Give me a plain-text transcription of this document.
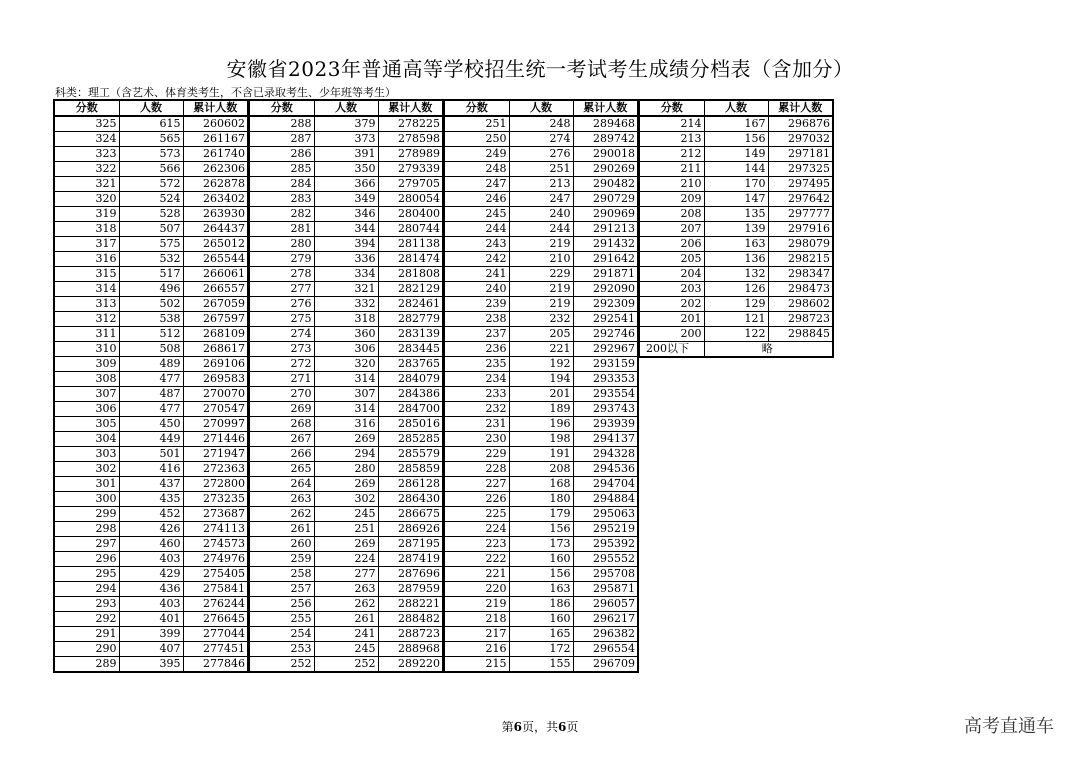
安徽省2023年普通高等学校招生统一考试考生成绩分档表（含加分）
科类：理工（含艺术、体育类考生，不含已录取考生、少年班等考生）
分数	人数	累计人数
325	615	260602
324	565	261167
323	573	261740
322	566	262306
321	572	262878
320	524	263402
319	528	263930
318	507	264437
317	575	265012
316	532	265544
315	517	266061
314	496	266557
313	502	267059
312	538	267597
311	512	268109
310	508	268617
309	489	269106
308	477	269583
307	487	270070
306	477	270547
305	450	270997
304	449	271446
303	501	271947
302	416	272363
301	437	272800
300	435	273235
299	452	273687
298	426	274113
297	460	274573
296	403	274976
295	429	275405
294	436	275841
293	403	276244
292	401	276645
291	399	277044
290	407	277451
289	395	277846
分数	人数	累计人数
288	379	278225
287	373	278598
286	391	278989
285	350	279339
284	366	279705
283	349	280054
282	346	280400
281	344	280744
280	394	281138
279	336	281474
278	334	281808
277	321	282129
276	332	282461
275	318	282779
274	360	283139
273	306	283445
272	320	283765
271	314	284079
270	307	284386
269	314	284700
268	316	285016
267	269	285285
266	294	285579
265	280	285859
264	269	286128
263	302	286430
262	245	286675
261	251	286926
260	269	287195
259	224	287419
258	277	287696
257	263	287959
256	262	288221
255	261	288482
254	241	288723
253	245	288968
252	252	289220
分数	人数	累计人数
251	248	289468
250	274	289742
249	276	290018
248	251	290269
247	213	290482
246	247	290729
245	240	290969
244	244	291213
243	219	291432
242	210	291642
241	229	291871
240	219	292090
239	219	292309
238	232	292541
237	205	292746
236	221	292967
235	192	293159
234	194	293353
233	201	293554
232	189	293743
231	196	293939
230	198	294137
229	191	294328
228	208	294536
227	168	294704
226	180	294884
225	179	295063
224	156	295219
223	173	295392
222	160	295552
221	156	295708
220	163	295871
219	186	296057
218	160	296217
217	165	296382
216	172	296554
215	155	296709
分数	人数	累计人数
214	167	296876
213	156	297032
212	149	297181
211	144	297325
210	170	297495
209	147	297642
208	135	297777
207	139	297916
206	163	298079
205	136	298215
204	132	298347
203	126	298473
202	129	298602
201	121	298723
200	122	298845
200以下	略	
第6页，共6页	高考直通车
